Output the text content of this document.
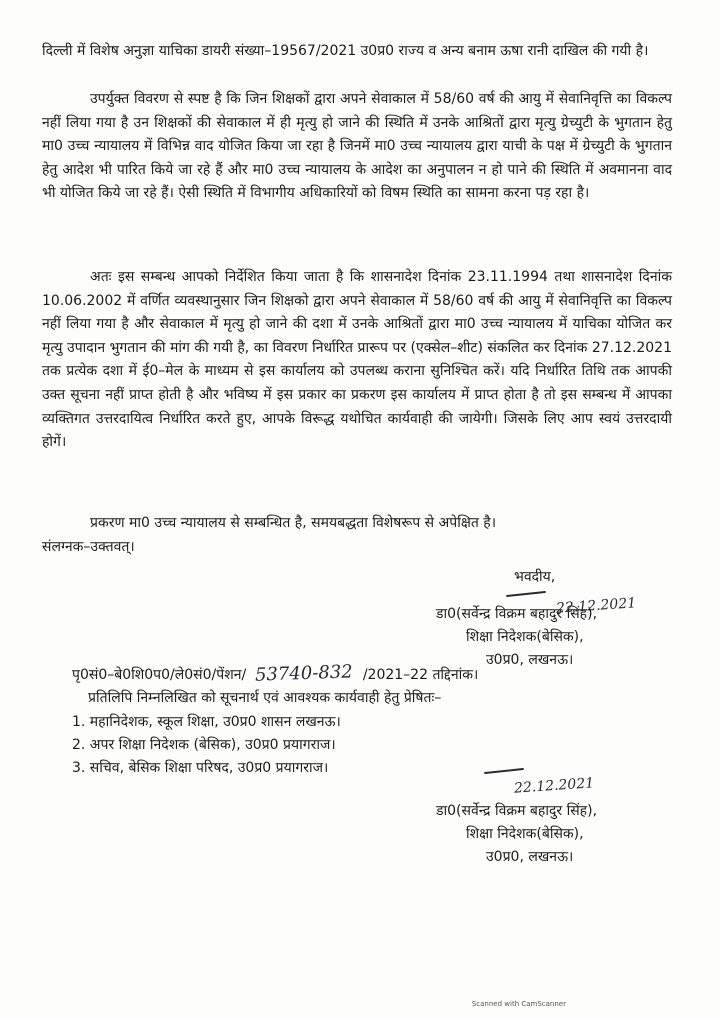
दिल्ली में विशेष अनुज्ञा याचिका डायरी संख्या–19567/2021 उ0प्र0 राज्य व अन्य बनाम ऊषा रानी दाखिल की गयी है।

उपर्युक्त विवरण से स्पष्ट है कि जिन शिक्षकों द्वारा अपने सेवाकाल में 58/60 वर्ष की आयु में सेवानिवृत्ति का विकल्प नहीं लिया गया है उन शिक्षकों की सेवाकाल में ही मृत्यु हो जाने की स्थिति में उनके आश्रितों द्वारा मृत्यु ग्रेच्युटी के भुगतान हेतु मा0 उच्च न्यायालय में विभिन्न वाद योजित किया जा रहा है जिनमें मा0 उच्च न्यायालय द्वारा याची के पक्ष में ग्रेच्युटी के भुगतान हेतु आदेश भी पारित किये जा रहे हैं और मा0 उच्च न्यायालय के आदेश का अनुपालन न हो पाने की स्थिति में अवमानना वाद भी योजित किये जा रहे हैं। ऐसी स्थिति में विभागीय अधिकारियों को विषम स्थिति का सामना करना पड़ रहा है।

अतः इस सम्बन्ध आपको निर्देशित किया जाता है कि शासनादेश दिनांक 23.11.1994 तथा शासनादेश दिनांक 10.06.2002 में वर्णित व्यवस्थानुसार जिन शिक्षको द्वारा अपने सेवाकाल में 58/60 वर्ष की आयु में सेवानिवृत्ति का विकल्प नहीं लिया गया है और सेवाकाल में मृत्यु हो जाने की दशा में उनके आश्रितों द्वारा मा0 उच्च न्यायालय में याचिका योजित कर मृत्यु उपादान भुगतान की मांग की गयी है, का विवरण निर्धारित प्रारूप पर (एक्सेल–शीट) संकलित कर दिनांक 27.12.2021 तक प्रत्येक दशा में ई0–मेल के माध्यम से इस कार्यालय को उपलब्ध कराना सुनिश्चित करें। यदि निर्धारित तिथि तक आपकी उक्त सूचना नहीं प्राप्त होती है और भविष्य में इस प्रकार का प्रकरण इस कार्यालय में प्राप्त होता है तो इस सम्बन्ध में आपका व्यक्तिगत उत्तरदायित्व निर्धारित करते हुए, आपके विरूद्ध यथोचित कार्यवाही की जायेगी। जिसके लिए आप स्वयं उत्तरदायी होगें।

प्रकरण मा0 उच्च न्यायालय से सम्बन्धित है, समयबद्धता विशेषरूप से अपेक्षित है।

संलग्नक–उक्तवत्।

भवदीय,
डा0(सर्वेन्द्र विक्रम बहादुर सिंह),
शिक्षा निदेशक(बेसिक),
उ0प्र0, लखनऊ।
22.12.2021
पृ0सं0–बे0शि0प0/ले0सं0/पेंशन/ 53740-832 /2021–22 तद्दिनांक।
प्रतिलिपि निम्नलिखित को सूचनार्थ एवं आवश्यक कार्यवाही हेतु प्रेषितः–
1. महानिदेशक, स्कूल शिक्षा, उ0प्र0 शासन लखनऊ।
2. अपर शिक्षा निदेशक (बेसिक), उ0प्र0 प्रयागराज।
3. सचिव, बेसिक शिक्षा परिषद, उ0प्र0 प्रयागराज।
22.12.2021
डा0(सर्वेन्द्र विक्रम बहादुर सिंह),
शिक्षा निदेशक(बेसिक),
उ0प्र0, लखनऊ।
Scanned with CamScanner
